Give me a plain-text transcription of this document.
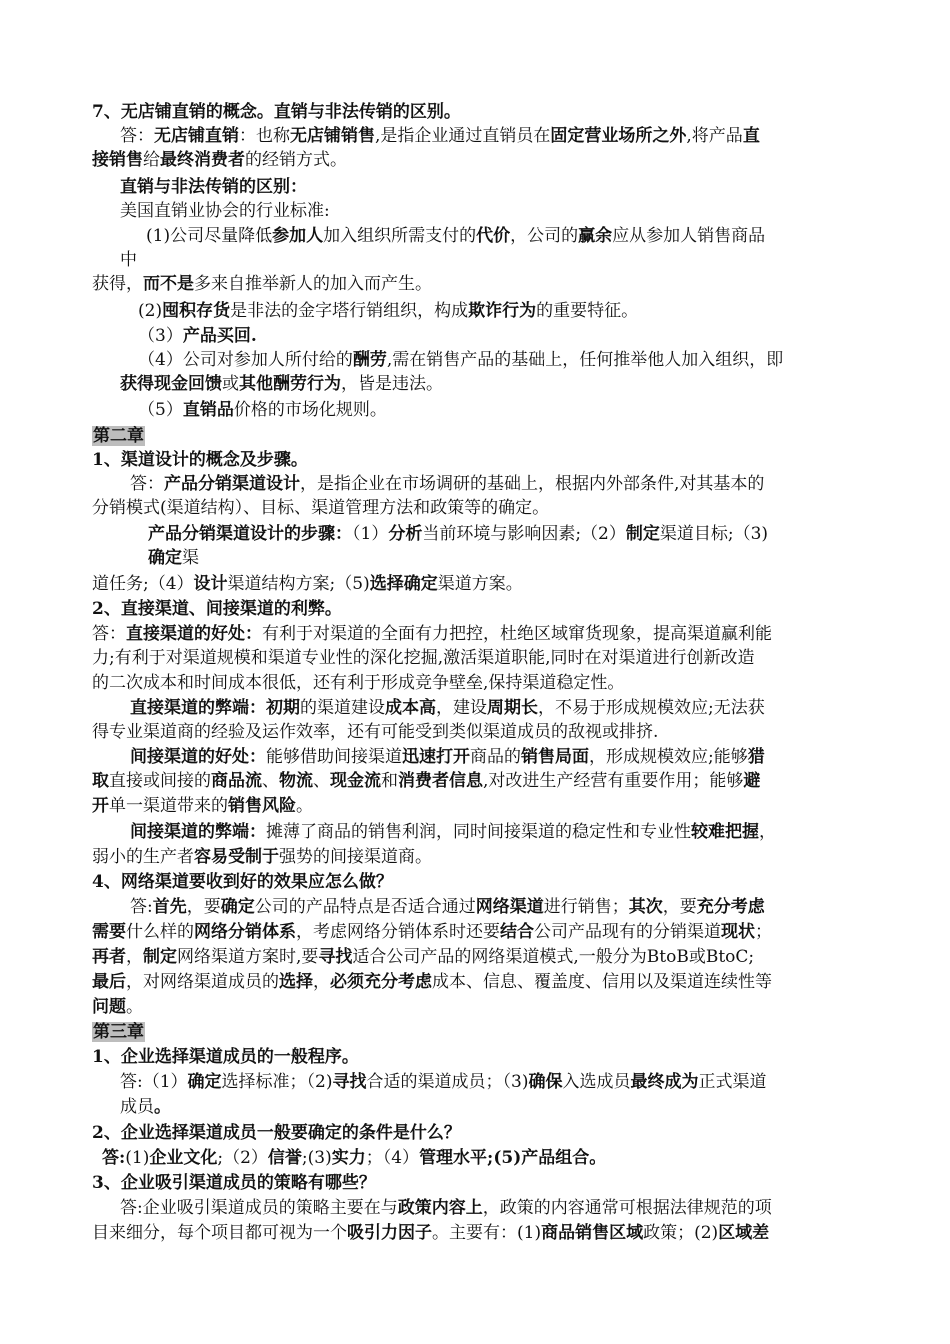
7、无店铺直销的概念。直销与非法传销的区别。
答：无店铺直销：也称无店铺销售,是指企业通过直销员在固定营业场所之外,将产品直
接销售给最终消费者的经销方式。
直销与非法传销的区别：
美国直销业协会的行业标准:
(1)公司尽量降低参加人加入组织所需支付的代价，公司的赢余应从参加人销售商品
中
获得，而不是多来自推举新人的加入而产生。
(2)囤积存货是非法的金字塔行销组织，构成欺诈行为的重要特征。
（3）产品买回.
（4）公司对参加人所付给的酬劳,需在销售产品的基础上，任何推举他人加入组织，即
获得现金回馈或其他酬劳行为，皆是违法。
（5）直销品价格的市场化规则。
第二章
1、渠道设计的概念及步骤。
答：产品分销渠道设计，是指企业在市场调研的基础上，根据内外部条件,对其基本的
分销模式(渠道结构）、目标、渠道管理方法和政策等的确定。
产品分销渠道设计的步骤：（1）分析当前环境与影响因素;（2）制定渠道目标;（3)
确定渠
道任务;（4）设计渠道结构方案;（5)选择确定渠道方案。
2、直接渠道、间接渠道的利弊。
答：直接渠道的好处：有利于对渠道的全面有力把控，杜绝区域窜货现象，提高渠道赢利能
力;有利于对渠道规模和渠道专业性的深化挖掘,激活渠道职能,同时在对渠道进行创新改造
的二次成本和时间成本很低，还有利于形成竞争壁垒,保持渠道稳定性。
直接渠道的弊端：初期的渠道建设成本高，建设周期长，不易于形成规模效应;无法获
得专业渠道商的经验及运作效率，还有可能受到类似渠道成员的敌视或排挤.
间接渠道的好处：能够借助间接渠道迅速打开商品的销售局面，形成规模效应;能够猎
取直接或间接的商品流、物流、现金流和消费者信息,对改进生产经营有重要作用；能够避
开单一渠道带来的销售风险。
间接渠道的弊端：摊薄了商品的销售利润，同时间接渠道的稳定性和专业性较难把握，
弱小的生产者容易受制于强势的间接渠道商。
4、网络渠道要收到好的效果应怎么做？
答:首先，要确定公司的产品特点是否适合通过网络渠道进行销售；其次，要充分考虑
需要什么样的网络分销体系，考虑网络分销体系时还要结合公司产品现有的分销渠道现状；
再者，制定网络渠道方案时,要寻找适合公司产品的网络渠道模式,一般分为BtoB或BtoC;
最后，对网络渠道成员的选择，必须充分考虑成本、信息、覆盖度、信用以及渠道连续性等
问题。
第三章
1、企业选择渠道成员的一般程序。
答:（1）确定选择标准；（2)寻找合适的渠道成员；（3)确保入选成员最终成为正式渠道
成员。
2、企业选择渠道成员一般要确定的条件是什么？
答:(1)企业文化;（2）信誉;(3)实力；（4）管理水平;(5)产品组合。
3、企业吸引渠道成员的策略有哪些？
答:企业吸引渠道成员的策略主要在与政策内容上，政策的内容通常可根据法律规范的项
目来细分，每个项目都可视为一个吸引力因子。主要有：(1)商品销售区域政策；(2)区域差
